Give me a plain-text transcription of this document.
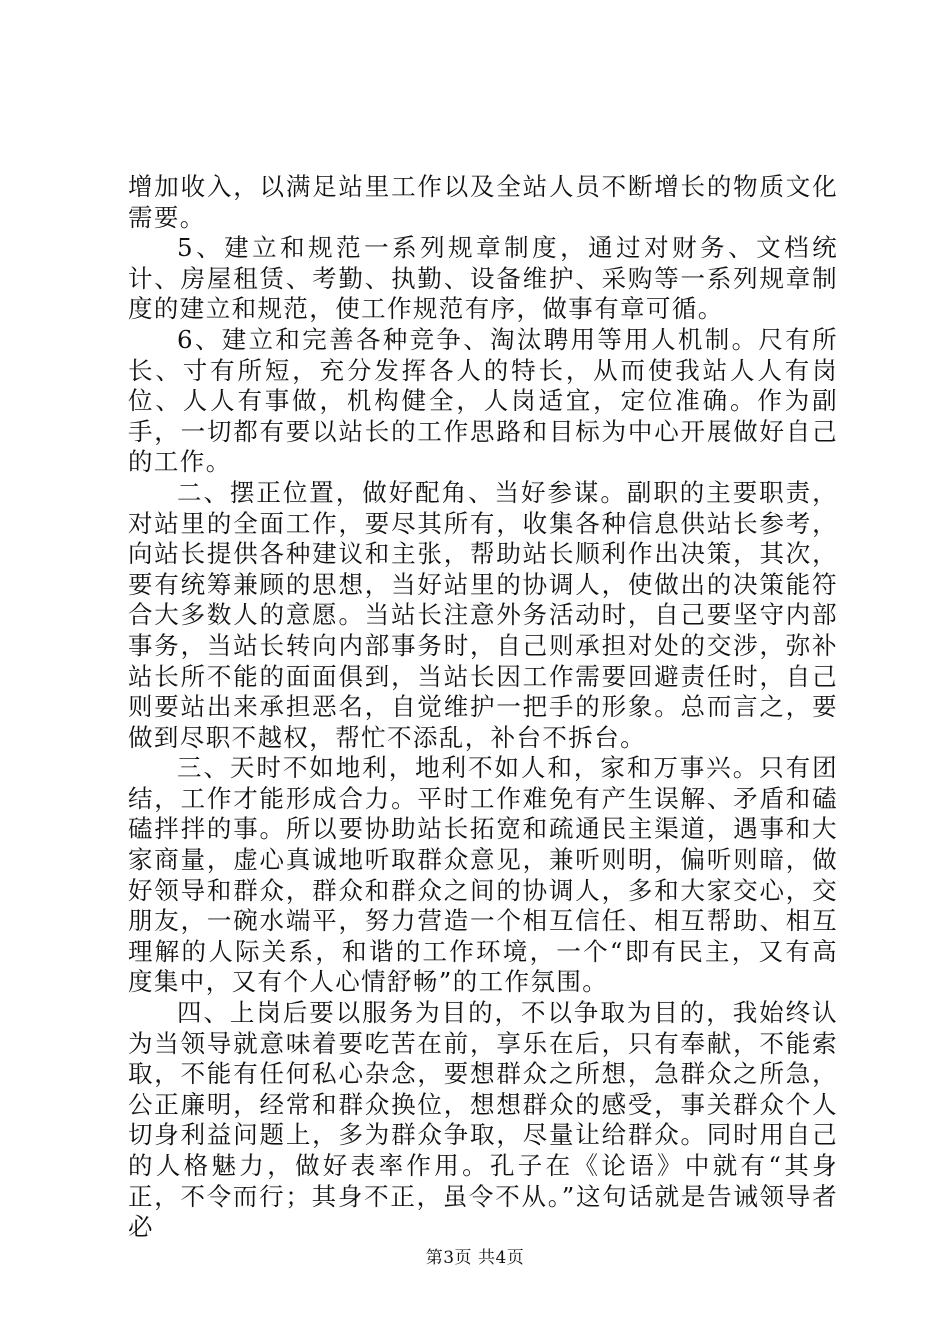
增加收入，以满足站里工作以及全站人员不断增长的物质文化需要。

5、建立和规范一系列规章制度，通过对财务、文档统计、房屋租赁、考勤、执勤、设备维护、采购等一系列规章制度的建立和规范，使工作规范有序，做事有章可循。

6、建立和完善各种竞争、淘汰聘用等用人机制。尺有所长、寸有所短，充分发挥各人的特长，从而使我站人人有岗位、人人有事做，机构健全，人岗适宜，定位准确。作为副手，一切都有要以站长的工作思路和目标为中心开展做好自己的工作。

二、摆正位置，做好配角、当好参谋。副职的主要职责，对站里的全面工作，要尽其所有，收集各种信息供站长参考，向站长提供各种建议和主张，帮助站长顺利作出决策，其次，要有统筹兼顾的思想，当好站里的协调人，使做出的决策能符合大多数人的意愿。当站长注意外务活动时，自己要坚守内部事务，当站长转向内部事务时，自己则承担对处的交涉，弥补站长所不能的面面俱到，当站长因工作需要回避责任时，自己则要站出来承担恶名，自觉维护一把手的形象。总而言之，要做到尽职不越权，帮忙不添乱，补台不拆台。

三、天时不如地利，地利不如人和，家和万事兴。只有团结，工作才能形成合力。平时工作难免有产生误解、矛盾和磕磕拌拌的事。所以要协助站长拓宽和疏通民主渠道，遇事和大家商量，虚心真诚地听取群众意见，兼听则明，偏听则暗，做好领导和群众，群众和群众之间的协调人，多和大家交心，交朋友，一碗水端平，努力营造一个相互信任、相互帮助、相互理解的人际关系，和谐的工作环境，一个“即有民主，又有高度集中，又有个人心情舒畅”的工作氛围。

四、上岗后要以服务为目的，不以争取为目的，我始终认为当领导就意味着要吃苦在前，享乐在后，只有奉献，不能索取，不能有任何私心杂念，要想群众之所想，急群众之所急，公正廉明，经常和群众换位，想想群众的感受，事关群众个人切身利益问题上，多为群众争取，尽量让给群众。同时用自己的人格魅力，做好表率作用。孔子在《论语》中就有“其身正，不令而行；其身不正，虽令不从。”这句话就是告诫领导者必

第3页 共4页
